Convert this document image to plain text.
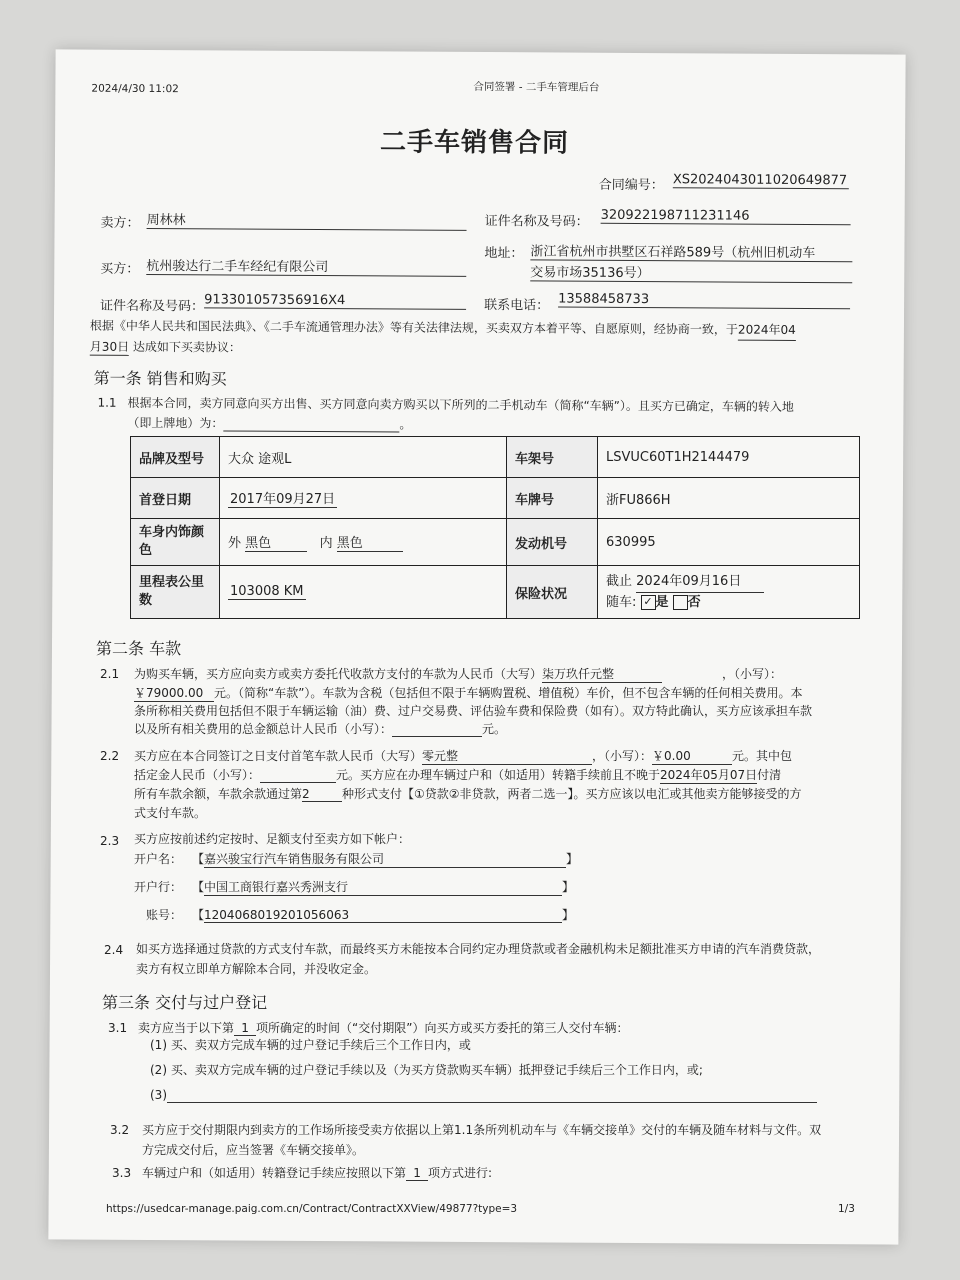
2024/4/30 11:02	合同签署 - 二手车管理后台
二手车销售合同
合同编号： XS2024043011020649877
卖方： 周林林	证件名称及号码： 320922198711231146
买方： 杭州骏达行二手车经纪有限公司
地址： 浙江省杭州市拱墅区石祥路589号（杭州旧机动车
交易市场35136号）
证件名称及号码： 913301057356916X4	联系电话： 13588458733
根据《中华人民共和国民法典》、《二手车流通管理办法》等有关法律法规，买卖双方本着平等、自愿原则，经协商一致，于2024年04
月30日 达成如下买卖协议：
第一条 销售和购买
1.1 根据本合同，卖方同意向买方出售、买方同意向卖方购买以下所列的二手机动车（简称“车辆”）。且买方已确定，车辆的转入地
（即上牌地）为：	。
品牌及型号	大众 途观L	车架号	LSVUC60T1H2144479
首登日期	2017年09月27日	车牌号	浙FU866H
车身内饰颜色	外 黑色 内 黑色	发动机号	630995
里程表公里数	103008 KM	保险状况	截止 2024年09月16日
随车: ✓ 是 否
第二条 车款
2.1 为购买车辆，买方应向卖方或卖方委托代收款方支付的车款为人民币（大写）柒万玖仟元整	，（小写）：
￥79000.00 元。（简称“车款”）。车款为含税（包括但不限于车辆购置税、增值税）车价，但不包含车辆的任何相关费用。本
条所称相关费用包括但不限于车辆运输（油）费、过户交易费、评估验车费和保险费（如有）。双方特此确认，买方应该承担车款
以及所有相关费用的总金额总计人民币（小写）：	元。
2.2 买方应在本合同签订之日支付首笔车款人民币（大写）零元整	，（小写）：￥0.00	元。其中包
括定金人民币（小写）：	元。买方应在办理车辆过户和（如适用）转籍手续前且不晚于2024年05月07日付清
所有车款余额，车款余款通过第2	种形式支付【①贷款②非贷款，两者二选一】。买方应该以电汇或其他卖方能够接受的方
式支付车款。
2.3 买方应按前述约定按时、足额支付至卖方如下帐户：
开户名： 【嘉兴骏宝行汽车销售服务有限公司	】
开户行： 【中国工商银行嘉兴秀洲支行	】
账号： 【1204068019201056063	】
2.4 如买方选择通过贷款的方式支付车款，而最终买方未能按本合同约定办理贷款或者金融机构未足额批准买方申请的汽车消费贷款，
卖方有权立即单方解除本合同，并没收定金。
第三条 交付与过户登记
3.1 卖方应当于以下第 1 项所确定的时间（“交付期限”）向买方或买方委托的第三人交付车辆：
(1) 买、卖双方完成车辆的过户登记手续后三个工作日内，或
(2) 买、卖双方完成车辆的过户登记手续以及（为买方贷款购买车辆）抵押登记手续后三个工作日内，或;
(3)
3.2 买方应于交付期限内到卖方的工作场所接受卖方依据以上第1.1条所列机动车与《车辆交接单》交付的车辆及随车材料与文件。双
方完成交付后，应当签署《车辆交接单》。
3.3 车辆过户和（如适用）转籍登记手续应按照以下第 1 项方式进行:
https://usedcar-manage.paig.com.cn/Contract/ContractXXView/49877?type=3	1/3
